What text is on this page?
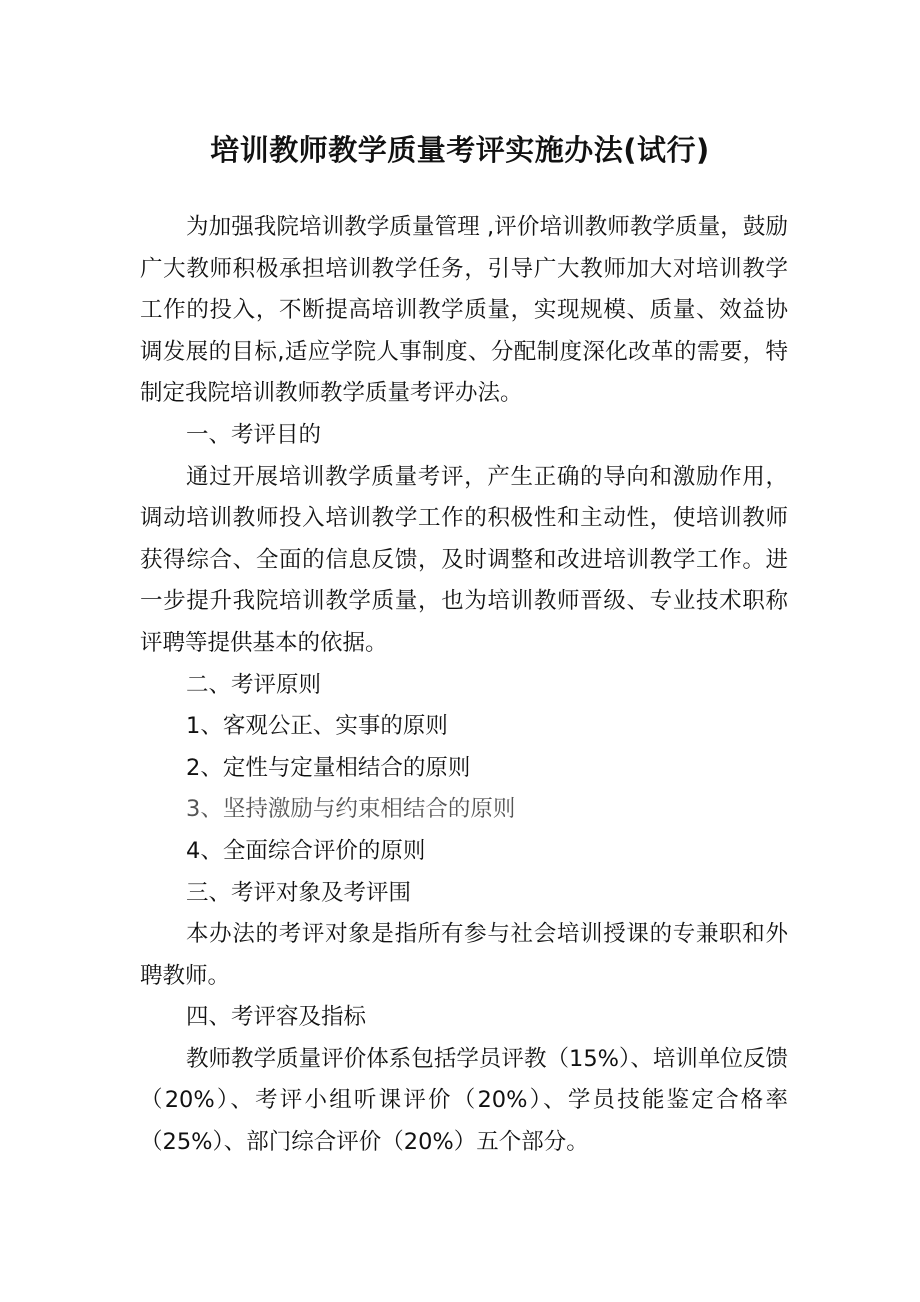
培训教师教学质量考评实施办法(试行)

为加强我院培训教学质量管理 ,评价培训教师教学质量，鼓励广大教师积极承担培训教学任务，引导广大教师加大对培训教学工作的投入，不断提高培训教学质量，实现规模、质量、效益协调发展的目标,适应学院人事制度、分配制度深化改革的需要，特制定我院培训教师教学质量考评办法。

一、考评目的

通过开展培训教学质量考评，产生正确的导向和激励作用，调动培训教师投入培训教学工作的积极性和主动性，使培训教师获得综合、全面的信息反馈，及时调整和改进培训教学工作。进一步提升我院培训教学质量，也为培训教师晋级、专业技术职称评聘等提供基本的依据。

二、考评原则

1、客观公正、实事的原则

2、定性与定量相结合的原则

3、坚持激励与约束相结合的原则

4、全面综合评价的原则

三、考评对象及考评围

本办法的考评对象是指所有参与社会培训授课的专兼职和外聘教师。

四、考评容及指标

教师教学质量评价体系包括学员评教（15%）、培训单位反馈（20%）、考评小组听课评价（20%）、学员技能鉴定合格率（25%）、部门综合评价（20%）五个部分。
